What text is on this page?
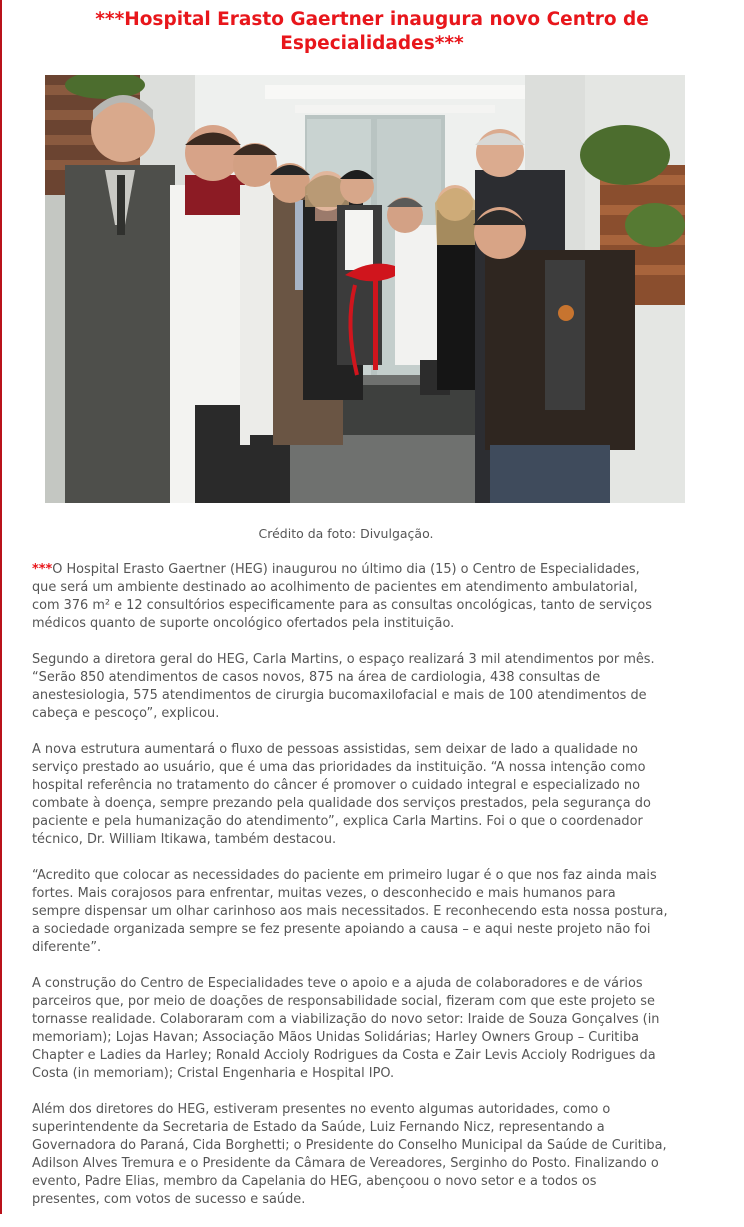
***Hospital Erasto Gaertner inaugura novo Centro de Especialidades***
Crédito da foto: Divulgação.

***O Hospital Erasto Gaertner (HEG) inaugurou no último dia (15) o Centro de Especialidades, que será um ambiente destinado ao acolhimento de pacientes em atendimento ambulatorial, com 376 m² e 12 consultórios especificamente para as consultas oncológicas, tanto de serviços médicos quanto de suporte oncológico ofertados pela instituição.

Segundo a diretora geral do HEG, Carla Martins, o espaço realizará 3 mil atendimentos por mês. “Serão 850 atendimentos de casos novos, 875 na área de cardiologia, 438 consultas de anestesiologia, 575 atendimentos de cirurgia bucomaxilofacial e mais de 100 atendimentos de cabeça e pescoço”, explicou.

A nova estrutura aumentará o fluxo de pessoas assistidas, sem deixar de lado a qualidade no serviço prestado ao usuário, que é uma das prioridades da instituição. “A nossa intenção como hospital referência no tratamento do câncer é promover o cuidado integral e especializado no combate à doença, sempre prezando pela qualidade dos serviços prestados, pela segurança do paciente e pela humanização do atendimento”, explica Carla Martins. Foi o que o coordenador técnico, Dr. William Itikawa, também destacou.

“Acredito que colocar as necessidades do paciente em primeiro lugar é o que nos faz ainda mais fortes. Mais corajosos para enfrentar, muitas vezes, o desconhecido e mais humanos para sempre dispensar um olhar carinhoso aos mais necessitados. E reconhecendo esta nossa postura, a sociedade organizada sempre se fez presente apoiando a causa – e aqui neste projeto não foi diferente”.

A construção do Centro de Especialidades teve o apoio e a ajuda de colaboradores e de vários parceiros que, por meio de doações de responsabilidade social, fizeram com que este projeto se tornasse realidade. Colaboraram com a viabilização do novo setor: Iraide de Souza Gonçalves (in memoriam); Lojas Havan; Associação Mãos Unidas Solidárias; Harley Owners Group – Curitiba Chapter e Ladies da Harley; Ronald Accioly Rodrigues da Costa e Zair Levis Accioly Rodrigues da Costa (in memoriam); Cristal Engenharia e Hospital IPO.

Além dos diretores do HEG, estiveram presentes no evento algumas autoridades, como o superintendente da Secretaria de Estado da Saúde, Luiz Fernando Nicz, representando a Governadora do Paraná, Cida Borghetti; o Presidente do Conselho Municipal da Saúde de Curitiba, Adilson Alves Tremura e o Presidente da Câmara de Vereadores, Serginho do Posto. Finalizando o evento, Padre Elias, membro da Capelania do HEG, abençoou o novo setor e a todos os presentes, com votos de sucesso e saúde.
